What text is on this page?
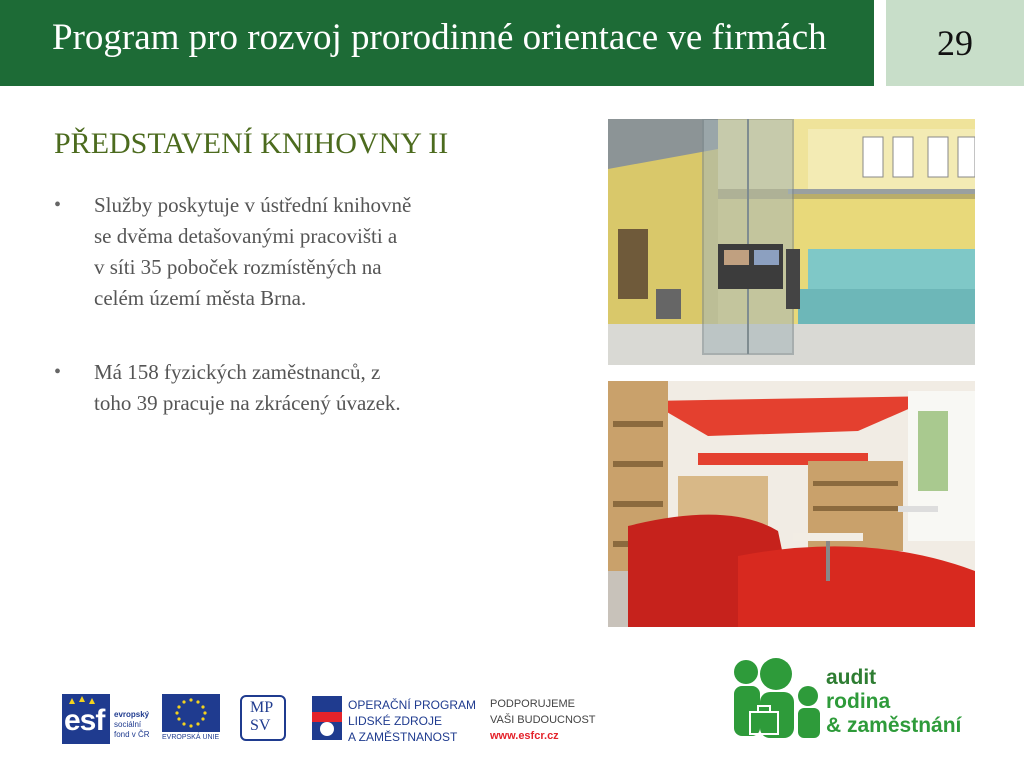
Program pro rozvoj prorodinné orientace ve firmách	29
PŘEDSTAVENÍ KNIHOVNY II
• Služby poskytuje v ústřední knihovně
se dvěma detašovanými pracovišti a
v síti 35 poboček rozmístěných na
celém území města Brna.
• Má 158 fyzických zaměstnanců, z
toho 39 pracuje na zkrácený úvazek.
esf evropský
sociální
fond v ČR EVROPSKÁ UNIE
MP
SV
OPERAČNÍ PROGRAM
LIDSKÉ ZDROJE
A ZAMĚSTNANOST
PODPORUJEME
VAŠI BUDOUCNOST
www.esfcr.cz
audit
rodina
& zaměstnání
